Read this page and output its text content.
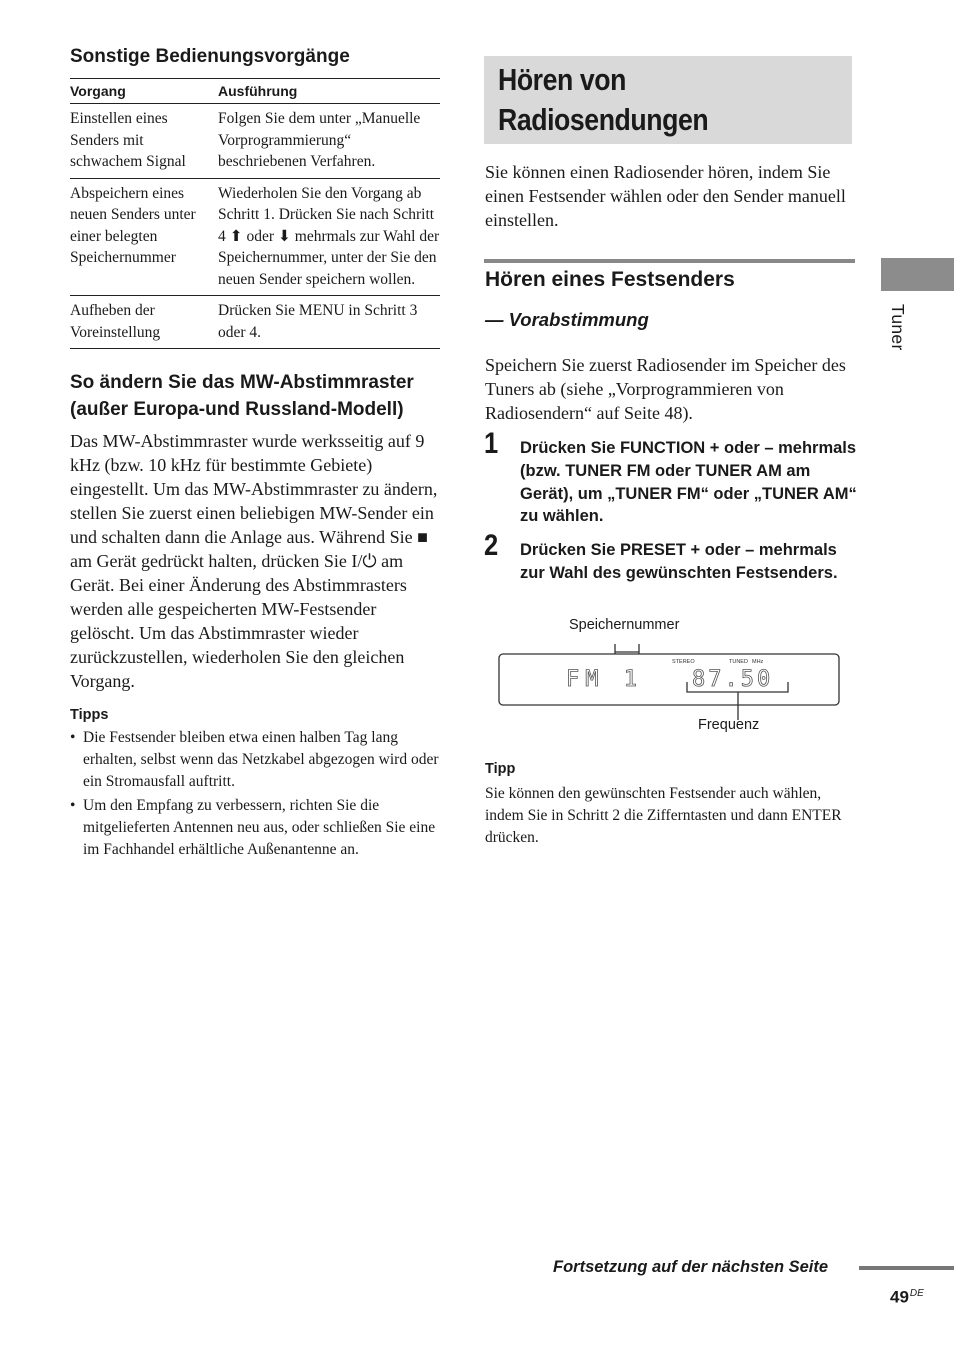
Sonstige Bedienungsvorgänge
Vorgang	Ausführung
Einstellen eines Senders mit schwachem Signal	Folgen Sie dem unter „Manuelle Vorprogrammierung“ beschriebenen Verfahren.
Abspeichern eines neuen Senders unter einer belegten Speichernummer	Wiederholen Sie den Vorgang ab Schritt 1. Drücken Sie nach Schritt 4 ⬆ oder ⬇ mehrmals zur Wahl der Speichernummer, unter der Sie den neuen Sender speichern wollen.
Aufheben der Voreinstellung	Drücken Sie MENU in Schritt 3 oder 4.
So ändern Sie das MW-Abstimmraster (außer Europa-und Russland-Modell)

Das MW-Abstimmraster wurde werksseitig auf 9 kHz (bzw. 10 kHz für bestimmte Gebiete) eingestellt. Um das MW-Abstimmraster zu ändern, stellen Sie zuerst einen beliebigen MW-Sender ein und schalten dann die Anlage aus. Während Sie ■ am Gerät gedrückt halten, drücken Sie I/⏻ am Gerät. Bei einer Änderung des Abstimmrasters werden alle gespeicherten MW-Festsender gelöscht. Um das Abstimmraster wieder zurückzustellen, wiederholen Sie den gleichen Vorgang.

Tipps
• Die Festsender bleiben etwa einen halben Tag lang erhalten, selbst wenn das Netzkabel abgezogen wird oder ein Stromausfall auftritt.
• Um den Empfang zu verbessern, richten Sie die mitgelieferten Antennen neu aus, oder schließen Sie eine im Fachhandel erhältliche Außenantenne an.
Hören von
Radiosendungen

Sie können einen Radiosender hören, indem Sie einen Festsender wählen oder den Sender manuell einstellen.

Hören eines Festsenders
— Vorabstimmung

Speichern Sie zuerst Radiosender im Speicher des Tuners ab (siehe „Vorprogrammieren von Radiosendern“ auf Seite 48).

1 Drücken Sie FUNCTION + oder – mehrmals (bzw. TUNER FM oder TUNER AM am Gerät), um „TUNER FM“ oder „TUNER AM“ zu wählen.
2 Drücken Sie PRESET + oder – mehrmals zur Wahl des gewünschten Festsenders.
Speichernummer
STEREO	TUNED MHz
FM 1 87.50
Frequenz
Tipp

Sie können den gewünschten Festsender auch wählen, indem Sie in Schritt 2 die Zifferntasten und dann ENTER drücken.

Tuner
Fortsetzung auf der nächsten Seite
49DE
